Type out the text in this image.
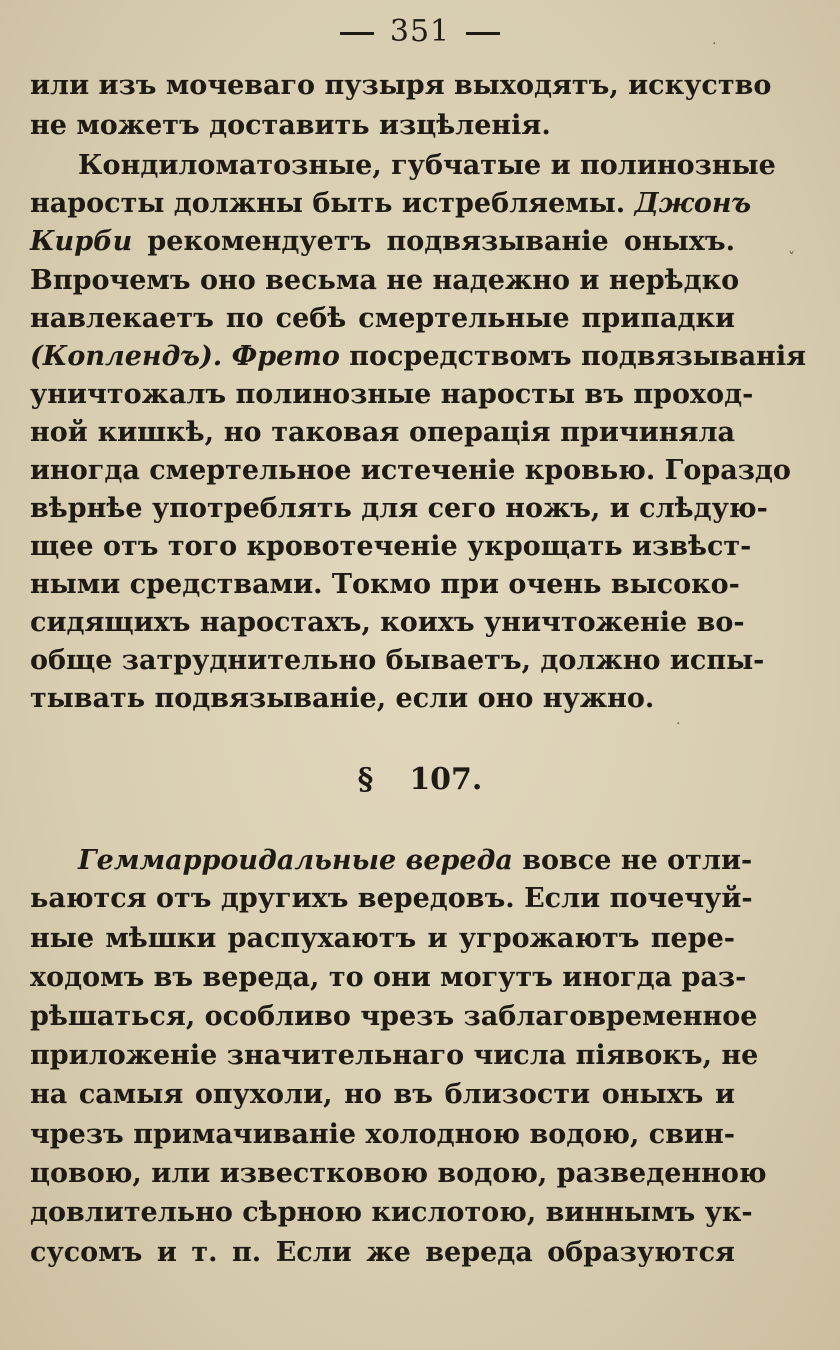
351
или изъ мочеваго пузыря выходятъ, искуство
не можетъ доставить изцѣленія.
Кондиломатозные, губчатые и полинозные
наросты должны быть истребляемы. Джонъ
Кирби рекомендуетъ подвязываніе оныхъ.
Впрочемъ оно весьма не надежно и нерѣдко
навлекаетъ по себѣ смертельные припадки
(Коплендъ). Фрето посредствомъ подвязыванія
уничтожалъ полинозные наросты въ проход-
ной кишкѣ, но таковая операція причиняла
иногда смертельное истеченіе кровью. Гораздо
вѣрнѣе употреблять для сего ножъ, и слѣдую-
щее отъ того кровотеченіе укрощать извѣст-
ными средствами. Токмо при очень высоко-
сидящихъ наростахъ, коихъ уничтоженіе во-
обще затруднительно бываетъ, должно испы-
тывать подвязываніе, если оно нужно.
§ 107.
Геммарроидальные вереда вовсе не отли-
ьаются отъ другихъ вередовъ. Если почечуй-
ные мѣшки распухаютъ и угрожаютъ пере-
ходомъ въ вереда, то они могутъ иногда раз-
рѣшаться, особливо чрезъ заблаговременное
приложеніе значительнаго числа піявокъ, не
на самыя опухоли, но въ близости оныхъ и
чрезъ примачиваніе холодною водою, свин-
цовою, или известковою водою, разведенною
довлительно сѣрною кислотою, виннымъ ук-
сусомъ и т. п. Если же вереда образуются
·
˅
·
